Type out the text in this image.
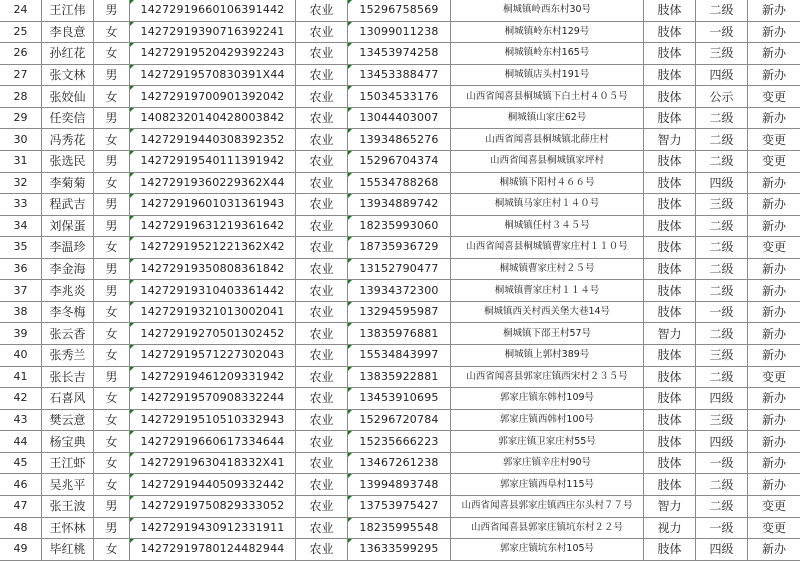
24	王江伟	男	14272919660106391442	农业	15296758569	桐城镇岭西东村30号	肢体	二级	新办
25	李良意	女	14272919390716392241	农业	13099011238	桐城镇岭东村129号	肢体	一级	新办
26	孙红花	女	14272919520429392243	农业	13453974258	桐城镇岭东村165号	肢体	三级	新办
27	张文林	男	14272919570830391X44	农业	13453388477	桐城镇店头村191号	肢体	四级	新办
28	张姣仙	女	14272919700901392042	农业	15034533176	山西省闻喜县桐城镇下白土村４０５号	肢体	公示	变更
29	任奕信	男	14082320140428003842	农业	13044403007	桐城镇山家庄62号	肢体	二级	新办
30	冯秀花	女	14272919440308392352	农业	13934865276	山西省闻喜县桐城镇北薛庄村	智力	二级	变更
31	张选民	男	14272919540111391942	农业	15296704374	山西省闻喜县桐城镇家坪村	肢体	二级	变更
32	李菊菊	女	14272919360229362X44	农业	15534788268	桐城镇下阳村４６６号	肢体	四级	新办
33	程武吉	男	14272919601031361943	农业	13934889742	桐城镇马家庄村１４０号	肢体	三级	新办
34	刘保蛋	男	14272919631219361642	农业	18235993060	桐城镇任村３４５号	肢体	二级	新办
35	李温珍	女	14272919521221362X42	农业	18735936729	山西省闻喜县桐城镇曹家庄村１１０号	肢体	二级	变更
36	李金海	男	14272919350808361842	农业	13152790477	桐城镇曹家庄村２５号	肢体	二级	新办
37	李兆炎	男	14272919310403361442	农业	13934372300	桐城镇曹家庄村１１４号	肢体	二级	新办
38	李冬梅	女	14272919321013002041	农业	13294595987	桐城镇西关村西关堡大巷14号	肢体	一级	新办
39	张云香	女	14272919270501302452	农业	13835976881	桐城镇下邵王村57号	智力	二级	新办
40	张秀兰	女	14272919571227302043	农业	15534843997	桐城镇上郭村389号	肢体	三级	新办
41	张长吉	男	14272919461209331942	农业	13835922881	山西省闻喜县郭家庄镇西宋村２３５号	肢体	二级	变更
42	石喜风	女	14272919570908332244	农业	13453910695	郭家庄镇东韩村109号	肢体	四级	新办
43	樊云意	女	14272919510510332943	农业	15296720784	郭家庄镇西韩村100号	肢体	三级	新办
44	杨宝典	女	14272919660617334644	农业	15235666223	郭家庄镇卫家庄村55号	肢体	四级	新办
45	王江虾	女	14272919630418332X41	农业	13467261238	郭家庄镇辛庄村90号	肢体	一级	新办
46	吴兆平	女	14272919440509332442	农业	13994893748	郭家庄镇西阜村115号	肢体	二级	新办
47	张王波	男	14272919750829333052	农业	13753975427	山西省闻喜县郭家庄镇西庄尔头村７７号	智力	二级	变更
48	王怀林	男	14272919430912331911	农业	18235995548	山西省闻喜县郭家庄镇坑东村２２号	视力	一级	变更
49	毕红桃	女	14272919780124482944	农业	13633599295	郭家庄镇坑东村105号	肢体	四级	新办
